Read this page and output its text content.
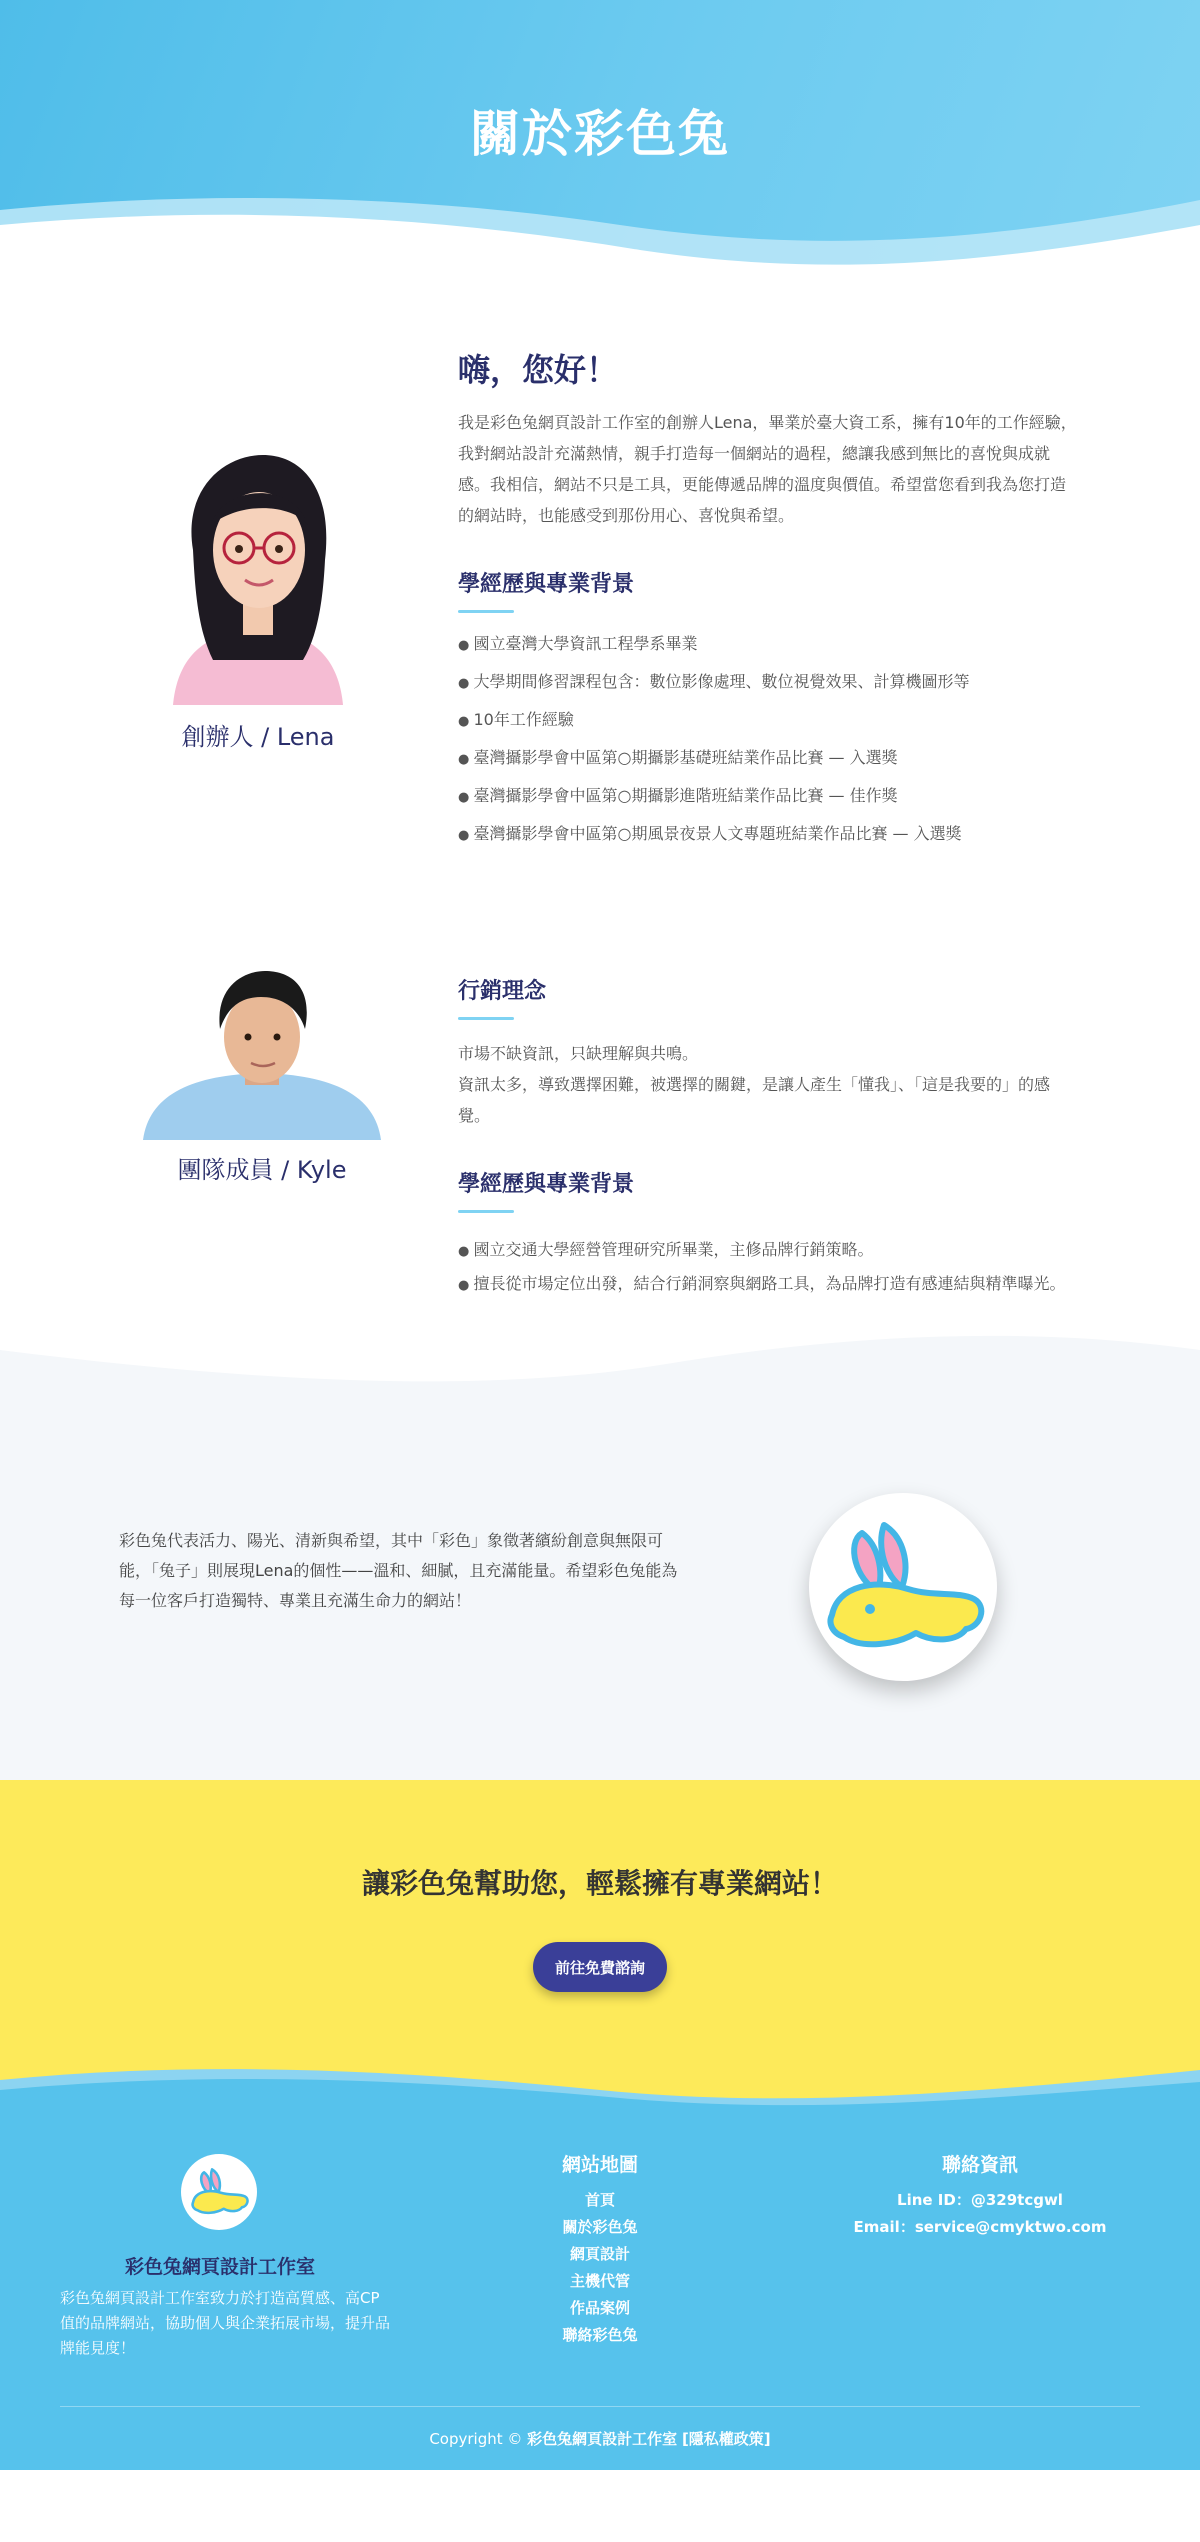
關於彩色兔
創辦人 / Lena
嗨，您好！

我是彩色兔網頁設計工作室的創辦人Lena，畢業於臺大資工系，擁有10年的工作經驗，我對網站設計充滿熱情，親手打造每一個網站的過程，總讓我感到無比的喜悅與成就感。我相信，網站不只是工具，更能傳遞品牌的溫度與價值。希望當您看到我為您打造的網站時，也能感受到那份用心、喜悅與希望。

學經歷與專業背景
● 國立臺灣大學資訊工程學系畢業
● 大學期間修習課程包含：數位影像處理、數位視覺效果、計算機圖形等
● 10年工作經驗
● 臺灣攝影學會中區第○期攝影基礎班結業作品比賽 — 入選獎
● 臺灣攝影學會中區第○期攝影進階班結業作品比賽 — 佳作獎
● 臺灣攝影學會中區第○期風景夜景人文專題班結業作品比賽 — 入選獎
團隊成員 / Kyle
行銷理念

市場不缺資訊，只缺理解與共鳴。

資訊太多，導致選擇困難，被選擇的關鍵，是讓人產生「懂我」、「這是我要的」的感覺。

學經歷與專業背景
● 國立交通大學經營管理研究所畢業，主修品牌行銷策略。
● 擅長從市場定位出發，結合行銷洞察與網路工具，為品牌打造有感連結與精準曝光。

彩色兔代表活力、陽光、清新與希望，其中「彩色」象徵著繽紛創意與無限可能，「兔子」則展現Lena的個性——溫和、細膩，且充滿能量。希望彩色兔能為每一位客戶打造獨特、專業且充滿生命力的網站！

讓彩色兔幫助您，輕鬆擁有專業網站！
前往免費諮詢
彩色兔網頁設計工作室

彩色兔網頁設計工作室致力於打造高質感、高CP值的品牌網站，協助個人與企業拓展市場，提升品牌能見度！

網站地圖
首頁
關於彩色兔
網頁設計
主機代管
作品案例
聯絡彩色兔
聯絡資訊
Line ID：@329tcgwl
Email：service@cmyktwo.com
Copyright © 彩色兔網頁設計工作室 [隱私權政策]
